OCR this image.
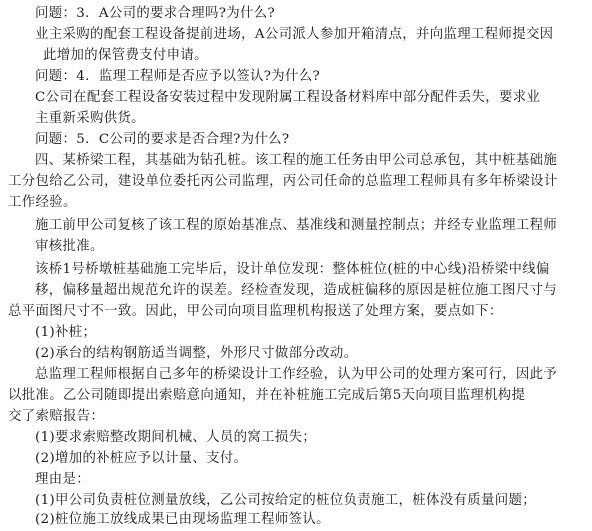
问题：3．A公司的要求合理吗?为什么?
业主采购的配套工程设备提前进场，A公司派人参加开箱清点，并向监理工程师提交因
此增加的保管费支付申请。
问题：4．监理工程师是否应予以签认?为什么?
C公司在配套工程设备安装过程中发现附属工程设备材料库中部分配件丢失，要求业
主重新采购供货。
问题：5．C公司的要求是否合理?为什么?
四、某桥梁工程，其基础为钻孔桩。该工程的施工任务由甲公司总承包，其中桩基础施
工分包给乙公司，建设单位委托丙公司监理，丙公司任命的总监理工程师具有多年桥梁设计
工作经验。
施工前甲公司复核了该工程的原始基准点、基准线和测量控制点；并经专业监理工程师
审核批准。
该桥1号桥墩桩基础施工完毕后，设计单位发现：整体桩位(桩的中心线)沿桥梁中线偏
移，偏移量超出规范允许的误差。经检查发现，造成桩偏移的原因是桩位施工图尺寸与
总平面图尺寸不一致。因此，甲公司向项目监理机构报送了处理方案，要点如下：
(1)补桩；
(2)承台的结构钢筋适当调整，外形尺寸做部分改动。
总监理工程师根据自己多年的桥梁设计工作经验，认为甲公司的处理方案可行，因此予
以批准。乙公司随即提出索赔意向通知，并在补桩施工完成后第5天向项目监理机构提
交了索赔报告：
(1)要求索赔整改期间机械、人员的窝工损失；
(2)增加的补桩应予以计量、支付。
理由是：
(1)甲公司负责桩位测量放线，乙公司按给定的桩位负责施工，桩体没有质量问题；
(2)桩位施工放线成果已由现场监理工程师签认。
